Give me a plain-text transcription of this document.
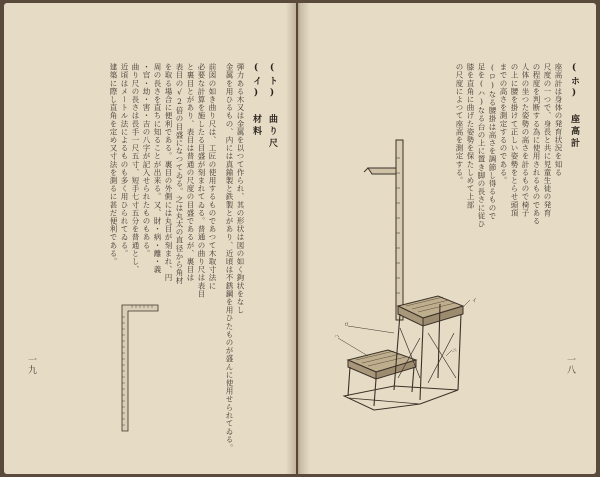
(ホ) 座高計
座高計は身体の発育状況を知る
尺度の一つで、身長と共に児童生徒の発育
の程度を判断する為に使用されるものである
人体の坐つた姿勢の高さを計るもので椅子
の上に腰を掛けて正しい姿勢をとらせ頭頂
までの高さを測定するのである。
(ロ)なる腰掛は高さを調節し得るもので
足を(ハ)なる台の上に置き脚の長さに従ひ
膝を直角に曲げた姿勢を保たしめて上部
の尺度によつて座高を測定する。
イ
ロ
ハ
ニ
一八
(ト) 曲り尺
(イ) 材料
弾力ある木又は金属を以つて作られ、其の形状は図の如く鉤状をなし
金属を用ひるもの、内には真鍮製と鉄製とがあり、近頃は不銹鋼を用ひたものが盛んに使用せられてゐる。
前図の如き曲り尺は、工匠の使用するものであつて木取寸法に
必要な計算を施したる目盛が刻まれてゐる。普通の曲り尺は表目
と裏目とがあり、表目は普通の尺度の目盛であるが、裏目は
表目の√2倍の目盛になつてゐる。之は丸太の直径から角材
を取る場合に便利である。裏目の外側には丸目が刻まれ、円
周の長さを直ちに知ることが出来る。又、財・病・離・義
・官・劫・害・吉の八字が記入せられたものもある。
曲り尺の長さは長手一尺五寸、短手七寸五分を普通とし、
近頃はメートル法によるものも多く用ひられてゐる。
建築に際し直角を定め又寸法を測るに甚だ便利である。
一九
